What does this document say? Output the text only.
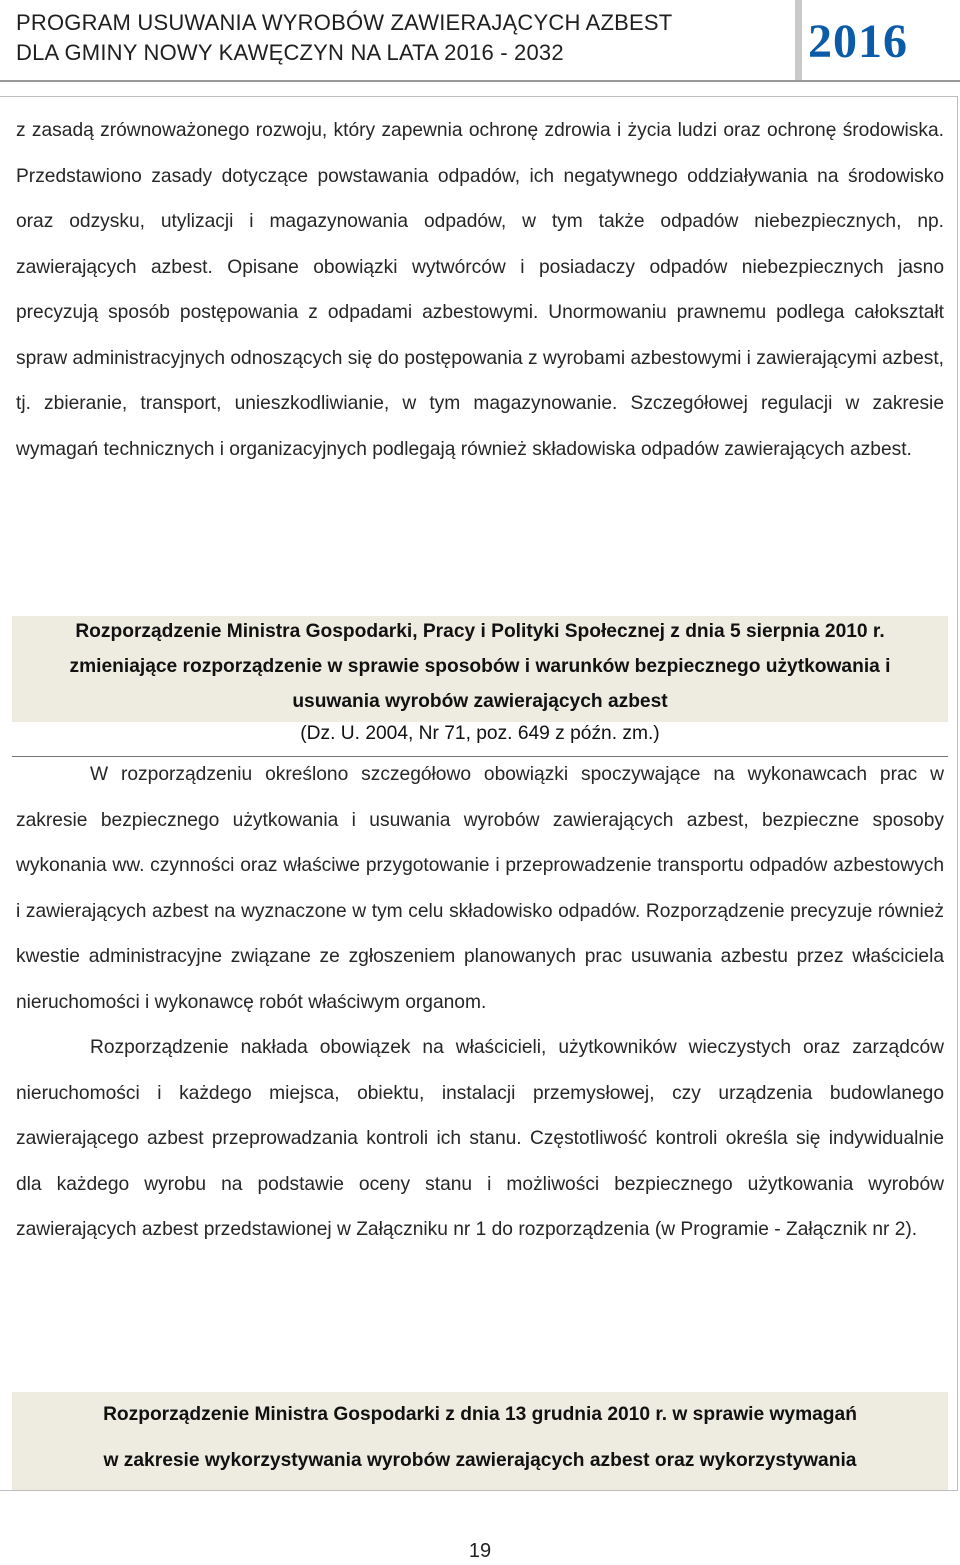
PROGRAM USUWANIA WYROBÓW ZAWIERAJĄCYCH AZBEST
DLA GMINY NOWY KAWĘCZYN NA LATA 2016 - 2032	2016

z zasadą zrównoważonego rozwoju, który zapewnia ochronę zdrowia i życia ludzi oraz ochronę środowiska. Przedstawiono zasady dotyczące powstawania odpadów, ich negatywnego oddziaływania na środowisko oraz odzysku, utylizacji i magazynowania odpadów, w tym także odpadów niebezpiecznych, np. zawierających azbest. Opisane obowiązki wytwórców i posiadaczy odpadów niebezpiecznych jasno precyzują sposób postępowania z odpadami azbestowymi. Unormowaniu prawnemu podlega całokształt spraw administracyjnych odnoszących się do postępowania z wyrobami azbestowymi i zawierającymi azbest, tj. zbieranie, transport, unieszkodliwianie, w tym magazynowanie. Szczegółowej regulacji w zakresie wymagań technicznych i organizacyjnych podlegają również składowiska odpadów zawierających azbest.

Rozporządzenie Ministra Gospodarki, Pracy i Polityki Społecznej z dnia 5 sierpnia 2010 r.
zmieniające rozporządzenie w sprawie sposobów i warunków bezpiecznego użytkowania i
usuwania wyrobów zawierających azbest
(Dz. U. 2004, Nr 71, poz. 649 z późn. zm.)

W rozporządzeniu określono szczegółowo obowiązki spoczywające na wykonawcach prac w zakresie bezpiecznego użytkowania i usuwania wyrobów zawierających azbest, bezpieczne sposoby wykonania ww. czynności oraz właściwe przygotowanie i przeprowadzenie transportu odpadów azbestowych i zawierających azbest na wyznaczone w tym celu składowisko odpadów. Rozporządzenie precyzuje również kwestie administracyjne związane ze zgłoszeniem planowanych prac usuwania azbestu przez właściciela nieruchomości i wykonawcę robót właściwym organom.

Rozporządzenie nakłada obowiązek na właścicieli, użytkowników wieczystych oraz zarządców nieruchomości i każdego miejsca, obiektu, instalacji przemysłowej, czy urządzenia budowlanego zawierającego azbest przeprowadzania kontroli ich stanu. Częstotliwość kontroli określa się indywidualnie dla każdego wyrobu na podstawie oceny stanu i możliwości bezpiecznego użytkowania wyrobów zawierających azbest przedstawionej w Załączniku nr 1 do rozporządzenia (w Programie - Załącznik nr 2).

Rozporządzenie Ministra Gospodarki z dnia 13 grudnia 2010 r. w sprawie wymagań
w zakresie wykorzystywania wyrobów zawierających azbest oraz wykorzystywania
19
